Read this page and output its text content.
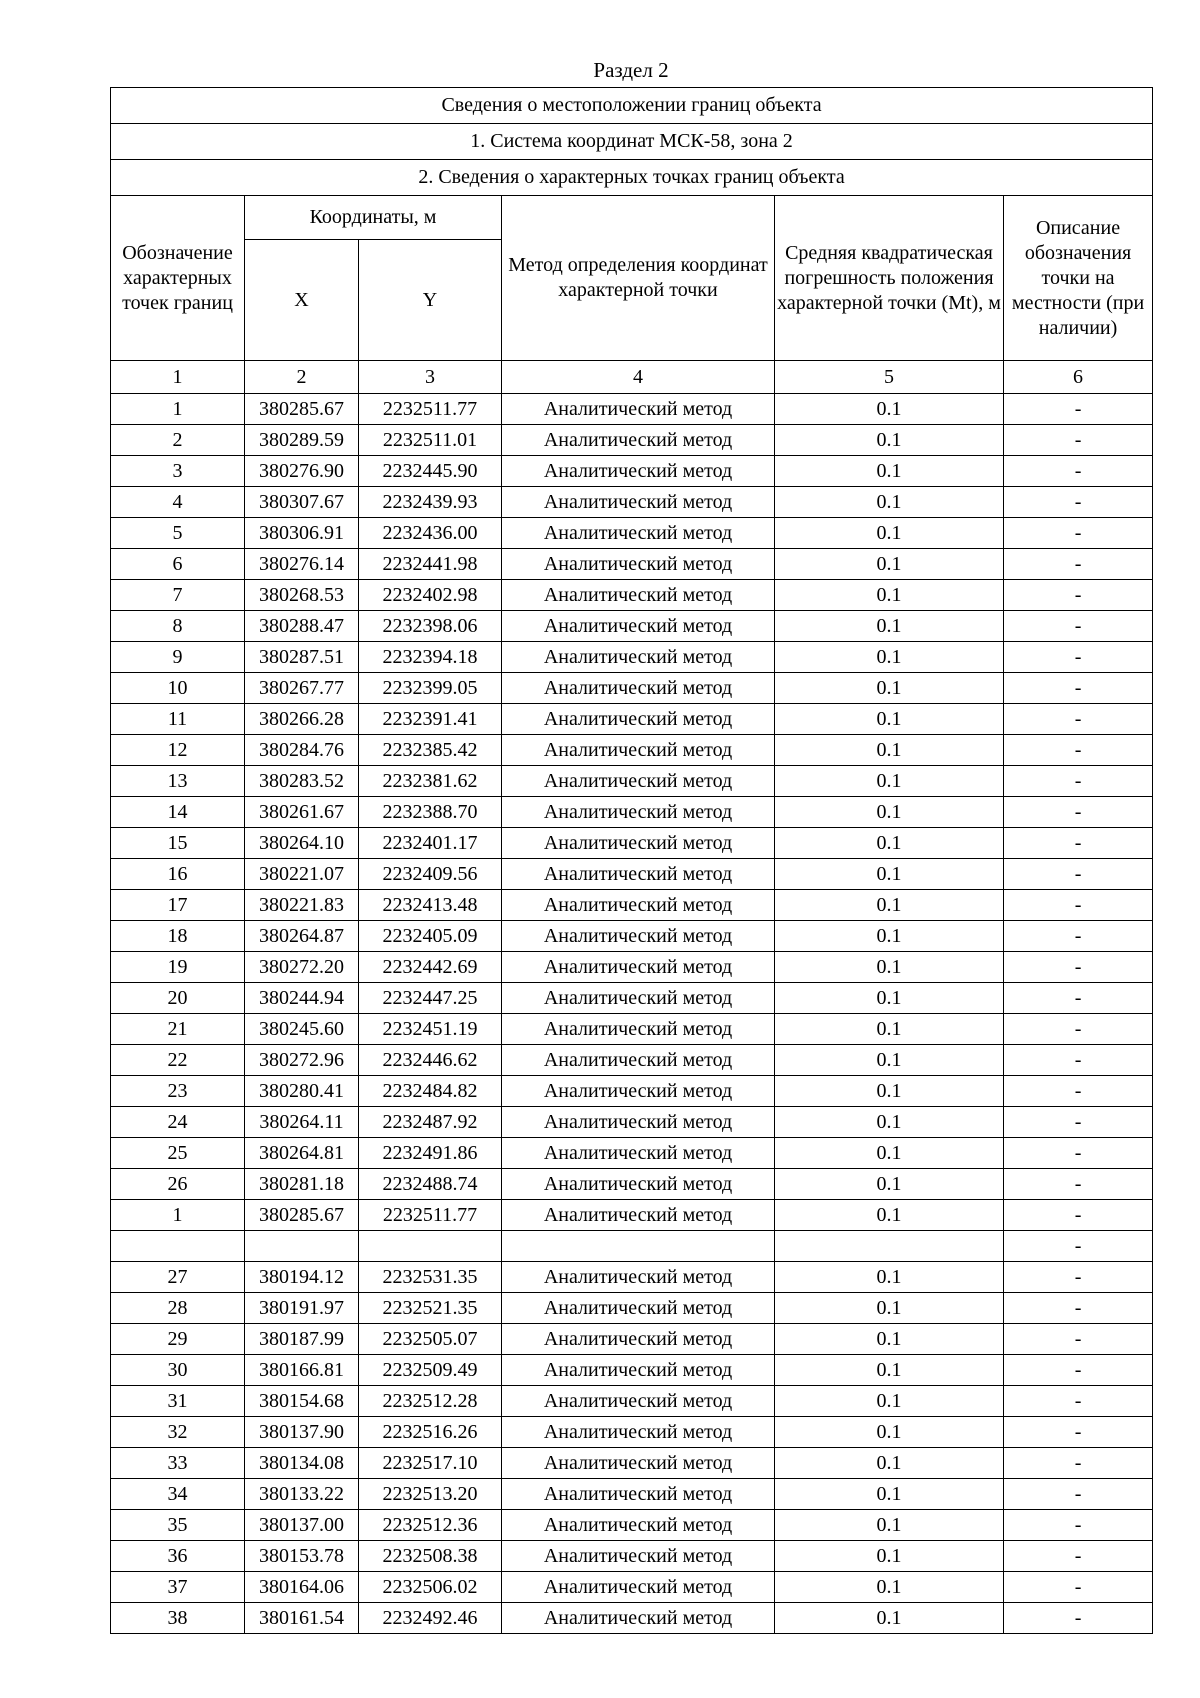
Раздел 2
Сведения о местоположении границ объекта					
1. Система координат МСК-58, зона 2					
2. Сведения о характерных точках границ объекта					
Обозначение характерных точек границ	Координаты, м		Метод определения координат характерной точки	Средняя квадратическая погрешность положения характерной точки (Mt), м	Описание обозначения точки на местности (при наличии)
	X	Y			
1	2	3	4	5	6
1	380285.67	2232511.77	Аналитический метод	0.1	-
2	380289.59	2232511.01	Аналитический метод	0.1	-
3	380276.90	2232445.90	Аналитический метод	0.1	-
4	380307.67	2232439.93	Аналитический метод	0.1	-
5	380306.91	2232436.00	Аналитический метод	0.1	-
6	380276.14	2232441.98	Аналитический метод	0.1	-
7	380268.53	2232402.98	Аналитический метод	0.1	-
8	380288.47	2232398.06	Аналитический метод	0.1	-
9	380287.51	2232394.18	Аналитический метод	0.1	-
10	380267.77	2232399.05	Аналитический метод	0.1	-
11	380266.28	2232391.41	Аналитический метод	0.1	-
12	380284.76	2232385.42	Аналитический метод	0.1	-
13	380283.52	2232381.62	Аналитический метод	0.1	-
14	380261.67	2232388.70	Аналитический метод	0.1	-
15	380264.10	2232401.17	Аналитический метод	0.1	-
16	380221.07	2232409.56	Аналитический метод	0.1	-
17	380221.83	2232413.48	Аналитический метод	0.1	-
18	380264.87	2232405.09	Аналитический метод	0.1	-
19	380272.20	2232442.69	Аналитический метод	0.1	-
20	380244.94	2232447.25	Аналитический метод	0.1	-
21	380245.60	2232451.19	Аналитический метод	0.1	-
22	380272.96	2232446.62	Аналитический метод	0.1	-
23	380280.41	2232484.82	Аналитический метод	0.1	-
24	380264.11	2232487.92	Аналитический метод	0.1	-
25	380264.81	2232491.86	Аналитический метод	0.1	-
26	380281.18	2232488.74	Аналитический метод	0.1	-
1	380285.67	2232511.77	Аналитический метод	0.1	-
					-
27	380194.12	2232531.35	Аналитический метод	0.1	-
28	380191.97	2232521.35	Аналитический метод	0.1	-
29	380187.99	2232505.07	Аналитический метод	0.1	-
30	380166.81	2232509.49	Аналитический метод	0.1	-
31	380154.68	2232512.28	Аналитический метод	0.1	-
32	380137.90	2232516.26	Аналитический метод	0.1	-
33	380134.08	2232517.10	Аналитический метод	0.1	-
34	380133.22	2232513.20	Аналитический метод	0.1	-
35	380137.00	2232512.36	Аналитический метод	0.1	-
36	380153.78	2232508.38	Аналитический метод	0.1	-
37	380164.06	2232506.02	Аналитический метод	0.1	-
38	380161.54	2232492.46	Аналитический метод	0.1	-
